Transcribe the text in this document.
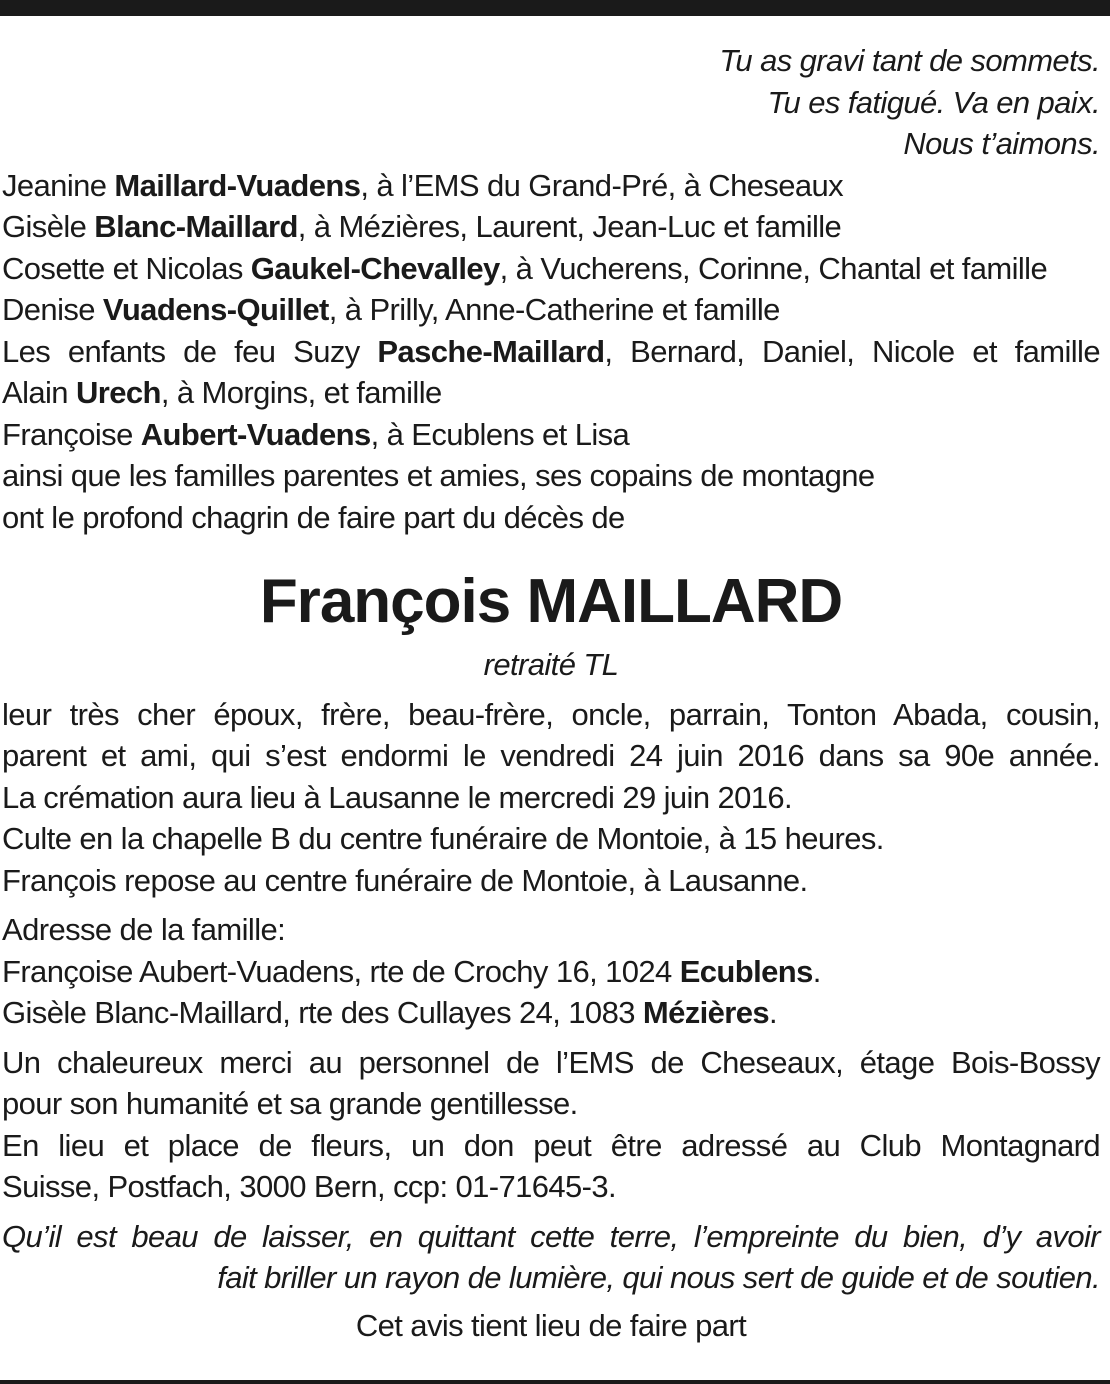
Tu as gravi tant de sommets.
Tu es fatigué. Va en paix.
Nous t’aimons.
Jeanine Maillard-Vuadens, à l’EMS du Grand-Pré, à Cheseaux
Gisèle Blanc-Maillard, à Mézières, Laurent, Jean-Luc et famille
Cosette et Nicolas Gaukel-Chevalley, à Vucherens, Corinne, Chantal et famille
Denise Vuadens-Quillet, à Prilly, Anne-Catherine et famille
Les enfants de feu Suzy Pasche-Maillard, Bernard, Daniel, Nicole et famille
Alain Urech, à Morgins, et famille
Françoise Aubert-Vuadens, à Ecublens et Lisa
ainsi que les familles parentes et amies, ses copains de montagne
ont le profond chagrin de faire part du décès de
François MAILLARD
retraité TL
leur très cher époux, frère, beau-frère, oncle, parrain, Tonton Abada, cousin,
parent et ami, qui s’est endormi le vendredi 24 juin 2016 dans sa 90e année.
La crémation aura lieu à Lausanne le mercredi 29 juin 2016.
Culte en la chapelle B du centre funéraire de Montoie, à 15 heures.
François repose au centre funéraire de Montoie, à Lausanne.
Adresse de la famille:
Françoise Aubert-Vuadens, rte de Crochy 16, 1024 Ecublens.
Gisèle Blanc-Maillard, rte des Cullayes 24, 1083 Mézières.
Un chaleureux merci au personnel de l’EMS de Cheseaux, étage Bois-Bossy
pour son humanité et sa grande gentillesse.
En lieu et place de fleurs, un don peut être adressé au Club Montagnard
Suisse, Postfach, 3000 Bern, ccp: 01-71645-3.
Qu’il est beau de laisser, en quittant cette terre, l’empreinte du bien, d’y avoir
fait briller un rayon de lumière, qui nous sert de guide et de soutien.
Cet avis tient lieu de faire part
